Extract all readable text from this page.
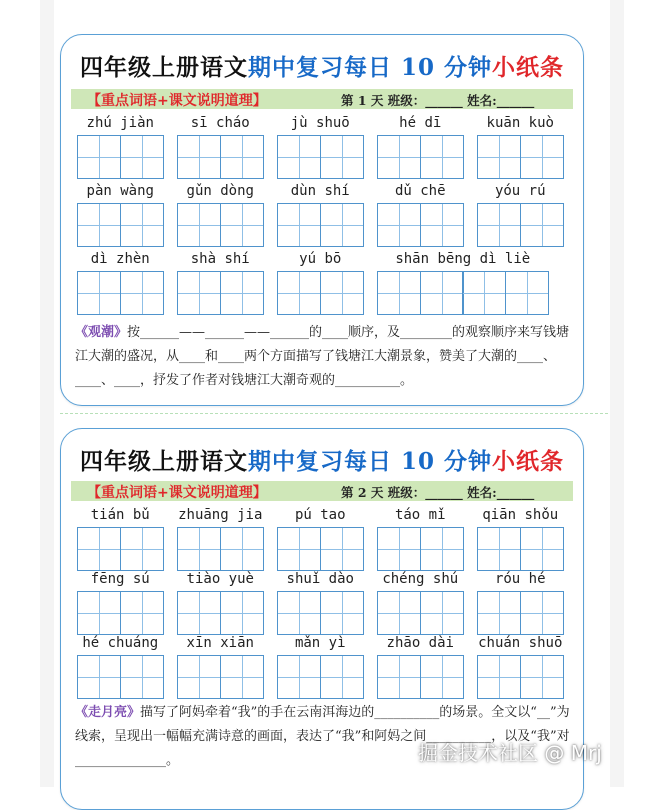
四年级上册语文期中复习每日 10 分钟小纸条
【重点词语+课文说明道理】	第 1 天 班级：______ 姓名:______
《观潮》按______——______——______的____顺序，及________的观察顺序来写钱塘江大潮的盛况，从____和____两个方面描写了钱塘江大潮景象，赞美了大潮的____、____、____，抒发了作者对钱塘江大潮奇观的__________。
zhú jiàn	sī cháo	jù shuō	hé dī	kuān kuò
pàn wàng	gǔn dòng	dùn shí	dǔ chē	yóu rú
dì zhèn	shà shí	yú bō	shān bēng dì liè
四年级上册语文期中复习每日 10 分钟小纸条
【重点词语+课文说明道理】	第 2 天 班级：______ 姓名:______
《走月亮》描写了阿妈牵着“我”的手在云南洱海边的__________的场景。全文以“__”为线索，呈现出一幅幅充满诗意的画面，表达了“我”和阿妈之间__________，以及“我”对______________。
tián bǔ	zhuāng jia	pú tao	táo mǐ	qiān shǒu
fēng sú	tiào yuè	shuǐ dào	chéng shú	róu hé
hé chuáng	xīn xiān	mǎn yì	zhāo dài	chuán shuō
掘金技术社区 @ Mrj
